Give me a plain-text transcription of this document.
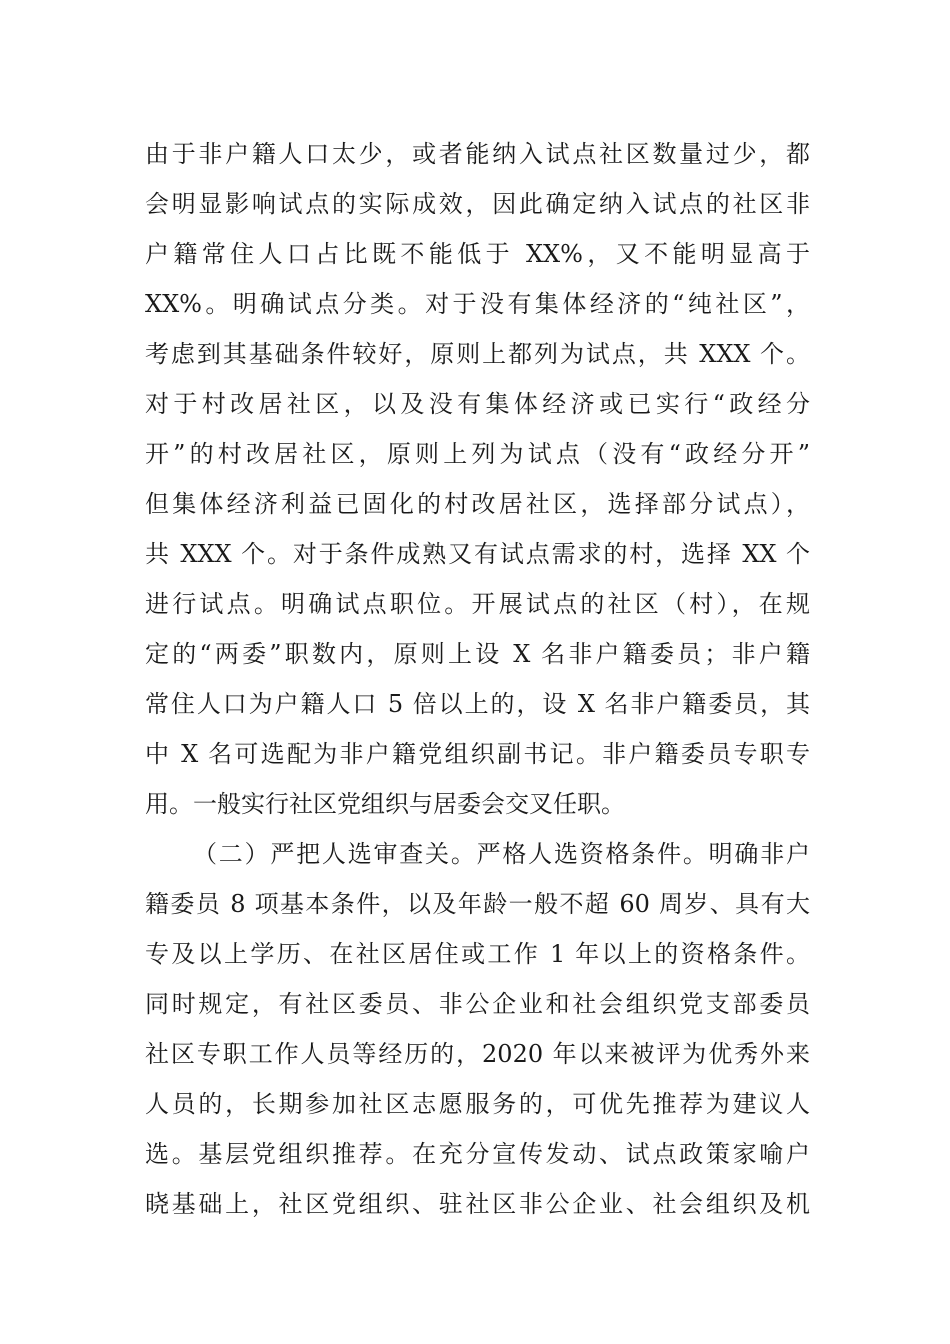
由于非户籍人口太少，或者能纳入试点社区数量过少，都
会明显影响试点的实际成效，因此确定纳入试点的社区非
户籍常住人口占比既不能低于 XX%，又不能明显高于
XX%。明确试点分类。对于没有集体经济的“纯社区”，
考虑到其基础条件较好，原则上都列为试点，共 XXX 个。
对于村改居社区，以及没有集体经济或已实行“政经分
开”的村改居社区，原则上列为试点（没有“政经分开”
但集体经济利益已固化的村改居社区，选择部分试点），
共 XXX 个。对于条件成熟又有试点需求的村，选择 XX 个
进行试点。明确试点职位。开展试点的社区（村），在规
定的“两委”职数内，原则上设 X 名非户籍委员；非户籍
常住人口为户籍人口 5 倍以上的，设 X 名非户籍委员，其
中 X 名可选配为非户籍党组织副书记。非户籍委员专职专
用。一般实行社区党组织与居委会交叉任职。
（二）严把人选审查关。严格人选资格条件。明确非户
籍委员 8 项基本条件，以及年龄一般不超 60 周岁、具有大
专及以上学历、在社区居住或工作 1 年以上的资格条件。
同时规定，有社区委员、非公企业和社会组织党支部委员
社区专职工作人员等经历的，2020 年以来被评为优秀外来
人员的，长期参加社区志愿服务的，可优先推荐为建议人
选。基层党组织推荐。在充分宣传发动、试点政策家喻户
晓基础上，社区党组织、驻社区非公企业、社会组织及机
